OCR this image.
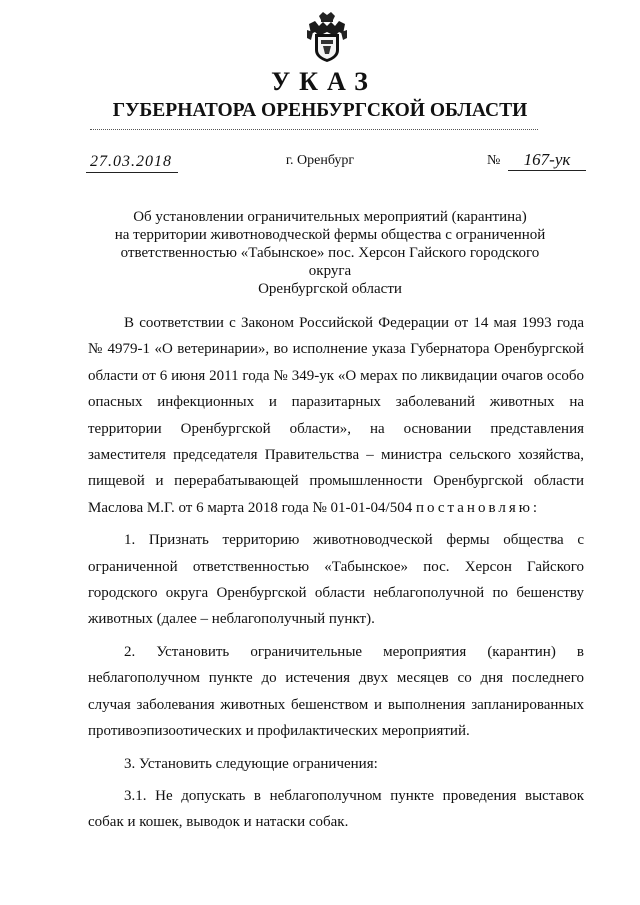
УКАЗ
ГУБЕРНАТОРА ОРЕНБУРГСКОЙ ОБЛАСТИ
27.03.2018	г. Оренбург	№	167-ук
Об установлении ограничительных мероприятий (карантина)
на территории животноводческой фермы общества с ограниченной
ответственностью «Табынское» пос. Херсон Гайского городского округа
Оренбургской области

В соответствии с Законом Российской Федерации от 14 мая 1993 года
№ 4979-1 «О ветеринарии», во исполнение указа Губернатора Оренбургской
области от 6 июня 2011 года № 349-ук «О мерах по ликвидации очагов особо
опасных инфекционных и паразитарных заболеваний животных на
территории Оренбургской области», на основании представления
заместителя председателя Правительства – министра сельского хозяйства,
пищевой и перерабатывающей промышленности Оренбургской области
Маслова М.Г. от 6 марта 2018 года № 01-01-04/504 постановляю:

1. Признать территорию животноводческой фермы общества с
ограниченной ответственностью «Табынское» пос. Херсон Гайского
городского округа Оренбургской области неблагополучной по бешенству
животных (далее – неблагополучный пункт).

2. Установить ограничительные мероприятия (карантин) в
неблагополучном пункте до истечения двух месяцев со дня последнего
случая заболевания животных бешенством и выполнения запланированных
противоэпизоотических и профилактических мероприятий.

3. Установить следующие ограничения:

3.1. Не допускать в неблагополучном пункте проведения выставок
собак и кошек, выводок и натаски собак.
